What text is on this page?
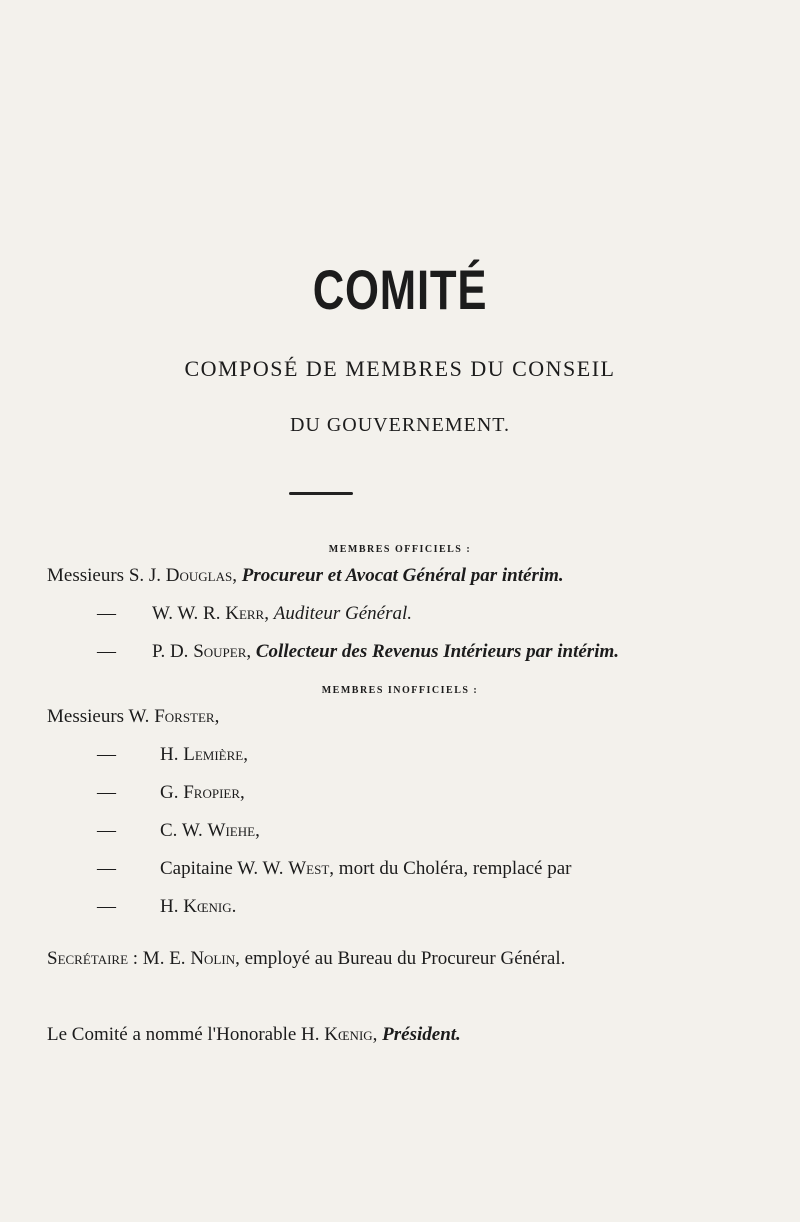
COMITÉ
COMPOSÉ DE MEMBRES DU CONSEIL
DU GOUVERNEMENT.
MEMBRES OFFICIELS :
Messieurs S. J. Douglas, Procureur et Avocat Général par intérim.
— W. W. R. Kerr, Auditeur Général.
— P. D. Souper, Collecteur des Revenus Intérieurs par intérim.
MEMBRES INOFFICIELS :
Messieurs W. Forster,
— H. Lemière,
— G. Fropier,
— C. W. Wiehe,
— Capitaine W. W. West, mort du Choléra, remplacé par
— H. Kœnig.
Secrétaire : M. E. Nolin, employé au Bureau du Procureur Général.
Le Comité a nommé l'Honorable H. Kœnig, Président.
